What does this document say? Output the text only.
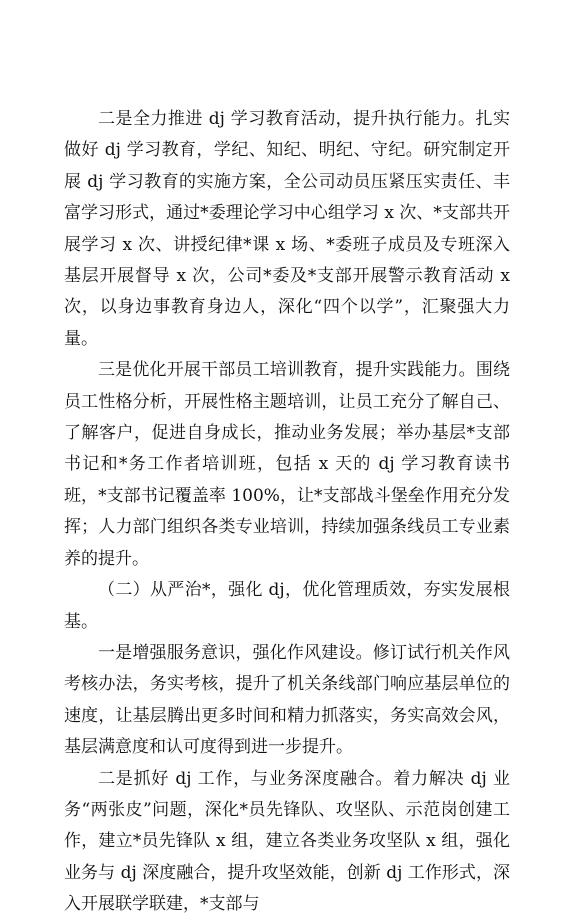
二是全力推进 dj 学习教育活动，提升执行能力。扎实做好 dj 学习教育，学纪、知纪、明纪、守纪。研究制定开展 dj 学习教育的实施方案，全公司动员压紧压实责任、丰富学习形式，通过*委理论学习中心组学习 x 次、*支部共开展学习 x 次、讲授纪律*课 x 场、*委班子成员及专班深入基层开展督导 x 次，公司*委及*支部开展警示教育活动 x 次，以身边事教育身边人，深化“四个以学”，汇聚强大力量。

三是优化开展干部员工培训教育，提升实践能力。围绕员工性格分析，开展性格主题培训，让员工充分了解自己、了解客户，促进自身成长，推动业务发展；举办基层*支部书记和*务工作者培训班，包括 x 天的 dj 学习教育读书班，*支部书记覆盖率 100%，让*支部战斗堡垒作用充分发挥；人力部门组织各类专业培训，持续加强条线员工专业素养的提升。

（二）从严治*，强化 dj，优化管理质效，夯实发展根基。

一是增强服务意识，强化作风建设。修订试行机关作风考核办法，务实考核，提升了机关条线部门响应基层单位的速度，让基层腾出更多时间和精力抓落实，务实高效会风，基层满意度和认可度得到进一步提升。

二是抓好 dj 工作，与业务深度融合。着力解决 dj 业务“两张皮”问题，深化*员先锋队、攻坚队、示范岗创建工作，建立*员先锋队 x 组，建立各类业务攻坚队 x 组，强化业务与 dj 深度融合，提升攻坚效能，创新 dj 工作形式，深入开展联学联建，*支部与
